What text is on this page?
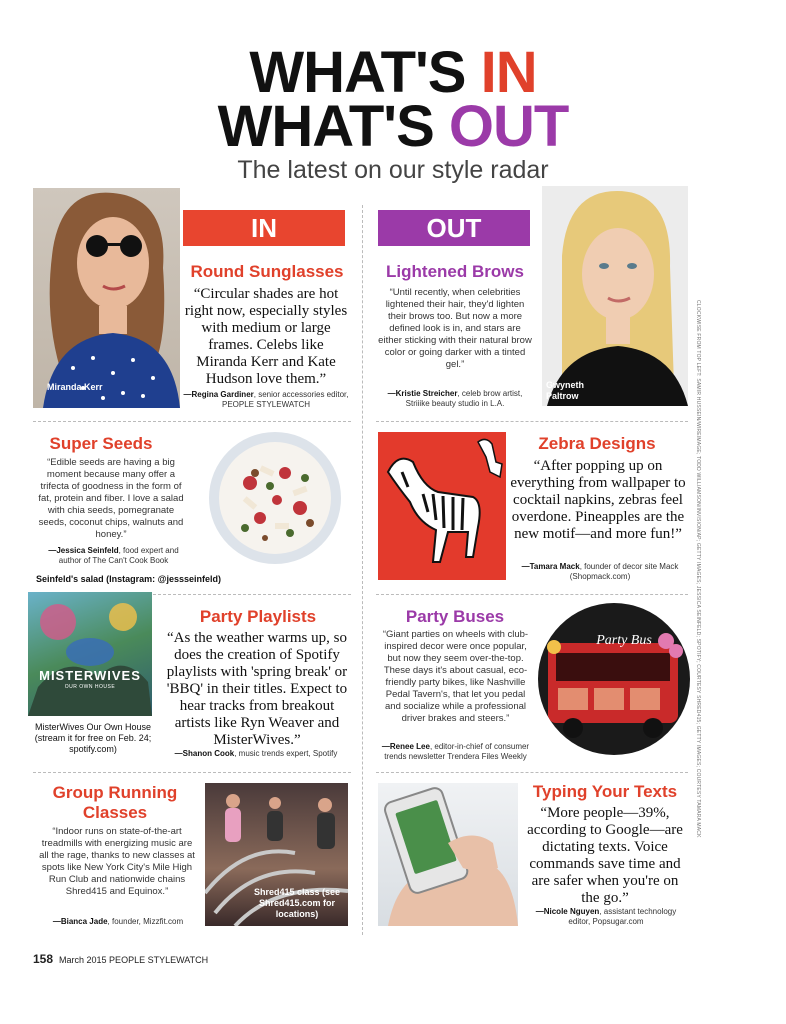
WHAT'S IN
WHAT'S OUT
The latest on our style radar
IN	OUT
Miranda Kerr
Round Sunglasses
“Circular shades are hot right now, especially styles with medium or large frames. Celebs like Miranda Kerr and Kate Hudson love them.”
—Regina Gardiner, senior accessories editor, PEOPLE STYLEWATCH
Lightened Brows
“Until recently, when celebrities lightened their hair, they'd lighten their brows too. But now a more defined look is in, and stars are either sticking with their natural brow color or going darker with a tinted gel.”
—Kristie Streicher, celeb brow artist, Striiike beauty studio in L.A.
Gwyneth Paltrow
Super Seeds
“Edible seeds are having a big moment because many offer a trifecta of goodness in the form of fat, protein and fiber. I love a salad with chia seeds, pomegranate seeds, coconut chips, walnuts and honey.”
—Jessica Seinfeld, food expert and author of The Can't Cook Book
Seinfeld's salad (Instagram: @jessseinfeld)
Zebra Designs
“After popping up on everything from wallpaper to cocktail napkins, zebras feel overdone. Pineapples are the new motif—and more fun!”
—Tamara Mack, founder of decor site Mack (Shopmack.com)
MISTERWIVES
OUR OWN HOUSE
MisterWives Our Own House (stream it for free on Feb. 24; spotify.com)
Party Playlists
“As the weather warms up, so does the creation of Spotify playlists with 'spring break' or 'BBQ' in their titles. Expect to hear tracks from breakout artists like Ryn Weaver and MisterWives.”
—Shanon Cook, music trends expert, Spotify
Party Buses
“Giant parties on wheels with club-inspired decor were once popular, but now they seem over-the-top. These days it's about casual, eco-friendly party bikes, like Nashville Pedal Tavern's, that let you pedal and socialize while a professional driver brakes and steers.”
—Renee Lee, editor-in-chief of consumer trends newsletter Trendera Files Weekly
Party Bus
Group Running Classes
“Indoor runs on state-of-the-art treadmills with energizing music are all the rage, thanks to new classes at spots like New York City's Mile High Run Club and nationwide chains Shred415 and Equinox.”
—Bianca Jade, founder, Mizzfit.com
Shred415 class (see Shred415.com for locations)
Typing Your Texts
“More people—39%, according to Google—are dictating texts. Voice commands save time and are safer when you're on the go.”
—Nicole Nguyen, assistant technology editor, Popsugar.com
158 March 2015 PEOPLE STYLEWATCH
CLOCKWISE FROM TOP LEFT: SAMIR HUSSEIN/WIREIMAGE; TODD WILLIAMSON/INVISION/AP; GETTY IMAGES; JESSICA SEINFELD; SPOTIFY; COURTESY SHRED415; GETTY IMAGES; COURTESY TAMARA MACK
